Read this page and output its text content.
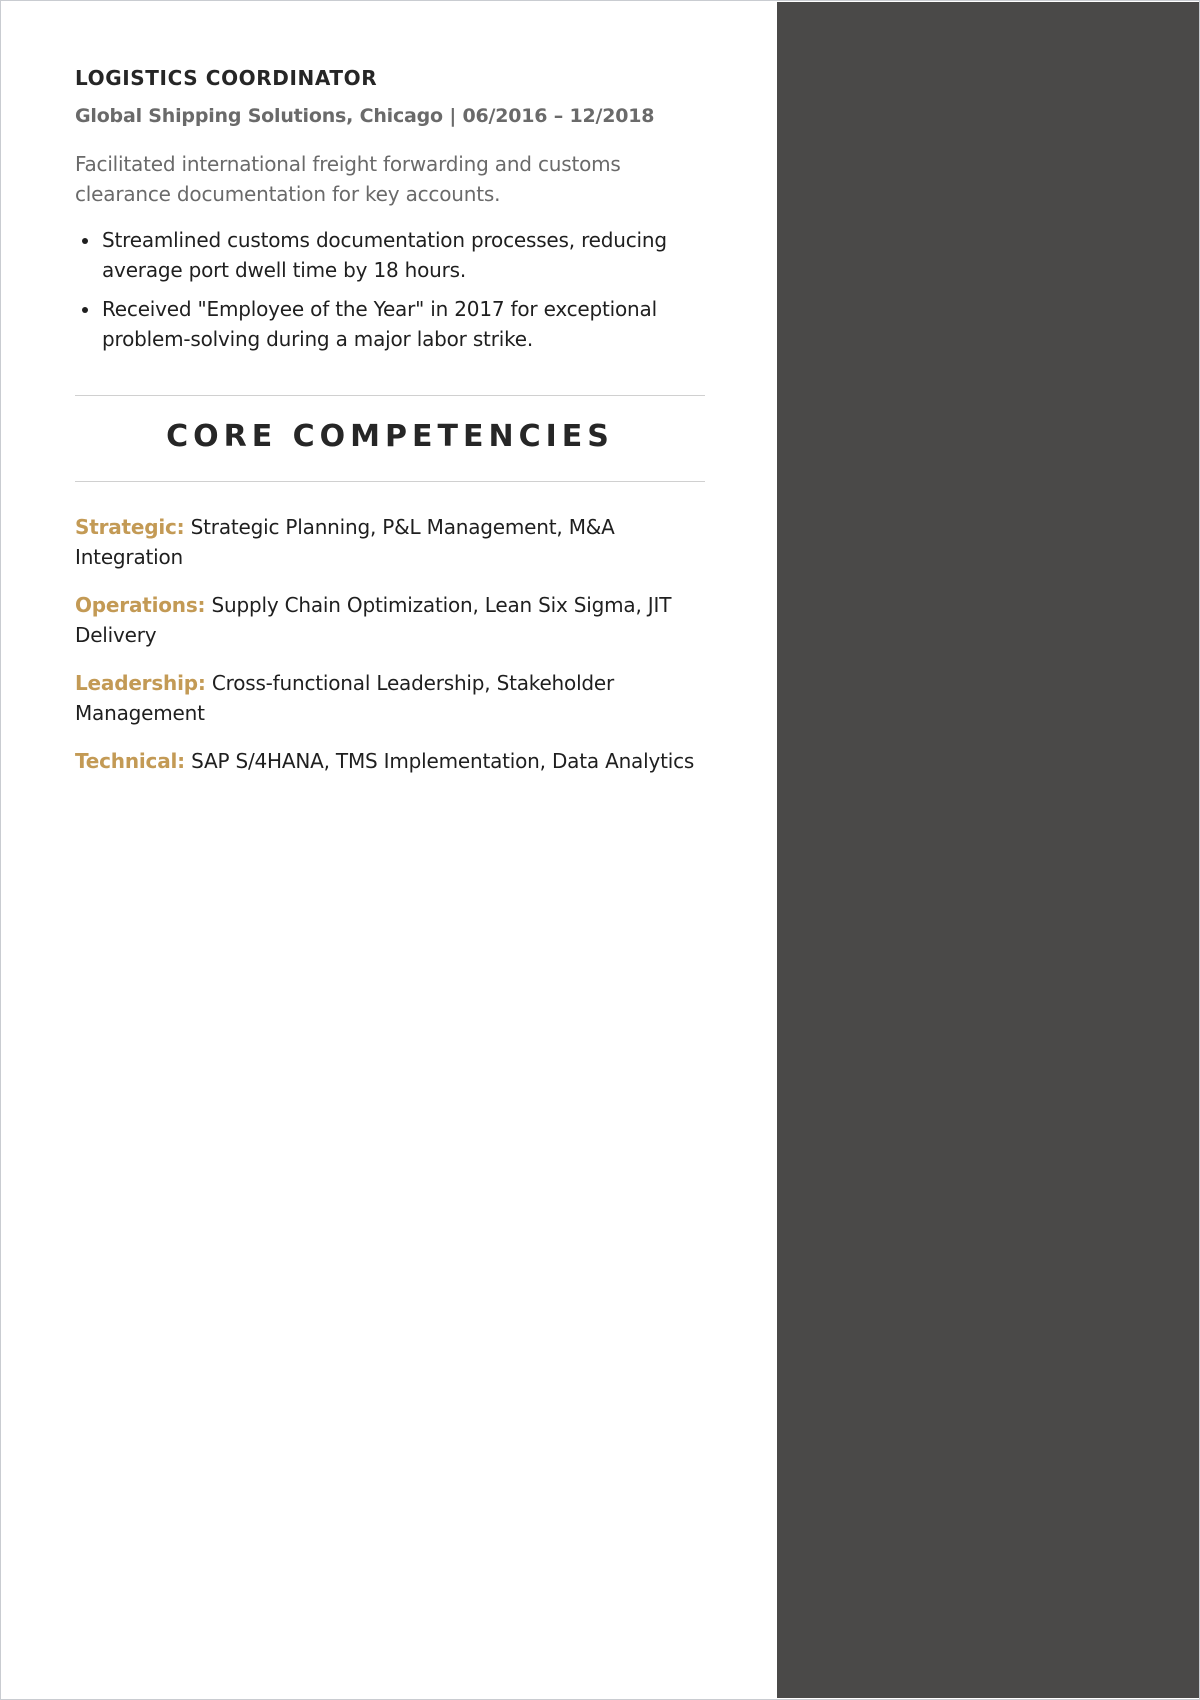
LOGISTICS COORDINATOR
Global Shipping Solutions, Chicago | 06/2016 – 12/2018

Facilitated international freight forwarding and customs clearance documentation for key accounts.

Streamlined customs documentation processes, reducing average port dwell time by 18 hours.
Received "Employee of the Year" in 2017 for exceptional problem-solving during a major labor strike.
CORE COMPETENCIES

Strategic: Strategic Planning, P&L Management, M&A Integration

Operations: Supply Chain Optimization, Lean Six Sigma, JIT Delivery

Leadership: Cross-functional Leadership, Stakeholder Management

Technical: SAP S/4HANA, TMS Implementation, Data Analytics
